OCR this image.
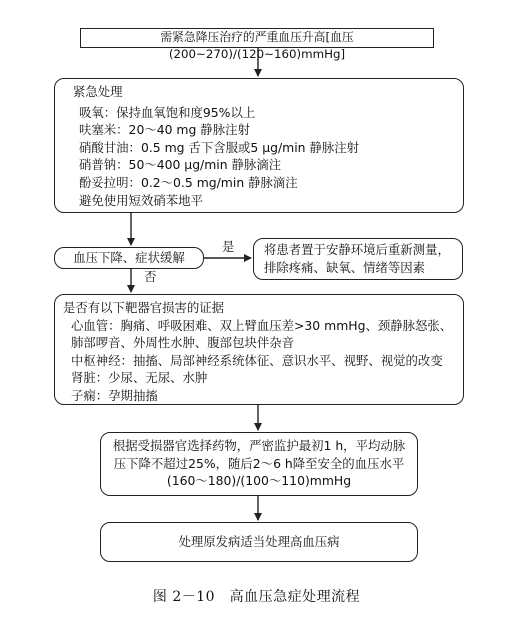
需紧急降压治疗的严重血压升高[血压(200~270)/(120~160)mmHg]
紧急处理
吸氧：保持血氧饱和度95%以上
呋塞米：20～40 mg 静脉注射
硝酸甘油：0.5 mg 舌下含服或5 μg/min 静脉注射
硝普钠：50～400 μg/min 静脉滴注
酚妥拉明：0.2～0.5 mg/min 静脉滴注
避免使用短效硝苯地平
血压下降、症状缓解
是
否
将患者置于安静环境后重新测量，
排除疼痛、缺氧、情绪等因素
是否有以下靶器官损害的证据
心血管：胸痛、呼吸困难、双上臂血压差>30 mmHg、颈静脉怒张、
肺部啰音、外周性水肿、腹部包块伴杂音
中枢神经：抽搐、局部神经系统体征、意识水平、视野、视觉的改变
肾脏：少尿、无尿、水肿
子痫：孕期抽搐
根据受损器官选择药物，严密监护最初1 h，平均动脉
压下降不超过25%，随后2～6 h降至安全的血压水平
(160～180)/(100～110)mmHg
处理原发病适当处理高血压病
图 2－10　高血压急症处理流程
